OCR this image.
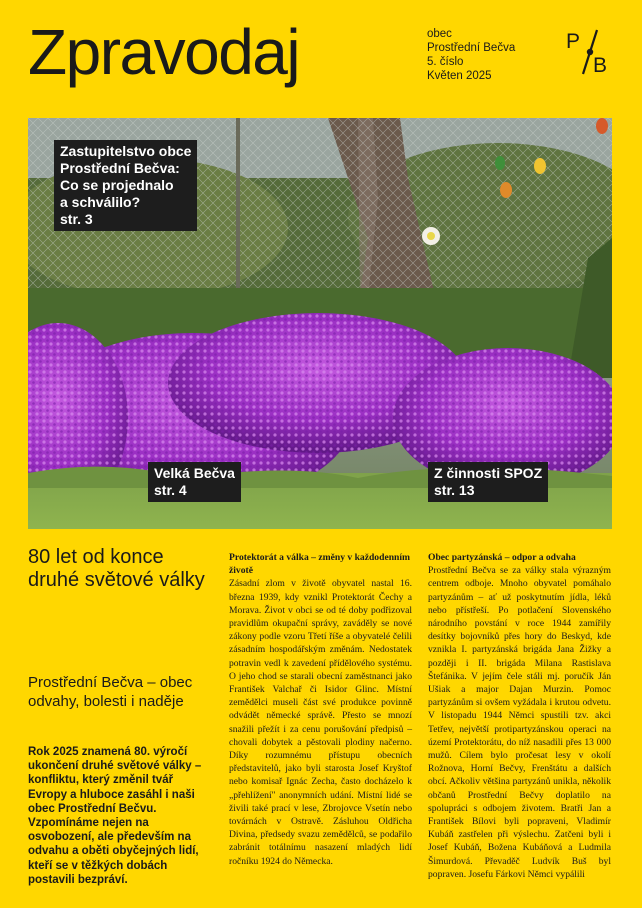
Zpravodaj	obec
Prostřední Bečva
5. číslo
Květen 2025
P
B
Zastupitelstvo obce
Prostřední Bečva:
Co se projednalo
a schválilo?
str. 3
Velká Bečva
str. 4
Z činnosti SPOZ
str. 13
80 let od konce druhé světové války
Prostřední Bečva – obec odvahy, bolesti i naděje

Rok 2025 znamená 80. výročí ukončení druhé světové války – konfliktu, který změnil tvář Evropy a hluboce zasáhl i naši obec Prostřední Bečvu. Vzpomínáme nejen na osvobození, ale především na odvahu a oběti obyčejných lidí, kteří se v těžkých dobách postavili bezpráví.

Protektorát a válka – změny v každodenním životě

Zásadní zlom v životě obyvatel nastal 16. března 1939, kdy vznikl Protektorát Čechy a Morava. Život v obci se od té doby podřizoval pravidlům okupační správy, zaváděly se nové zákony podle vzoru Třetí říše a obyvatelé čelili zásadním hospodářským změnám. Nedostatek potravin vedl k zavedení přídělového systému. O jeho chod se starali obecní zaměstnanci jako František Valchař či Isidor Glinc. Místní zemědělci museli část své produkce povinně odvádět německé správě. Přesto se mnozí snažili přežít i za cenu porušování předpisů – chovali dobytek a pěstovali plodiny načerno. Díky rozumnému přístupu obecních představitelů, jako byli starosta Josef Kryštof nebo komisař Ignác Zecha, často docházelo k „přehlížení" anonymních udání. Místní lidé se živili také prací v lese, Zbrojovce Vsetín nebo továrnách v Ostravě. Zásluhou Oldřicha Divina, předsedy svazu zemědělců, se podařilo zabránit totálnímu nasazení mladých lidí ročníku 1924 do Německa.

Obec partyzánská – odpor a odvaha

Prostřední Bečva se za války stala výrazným centrem odboje. Mnoho obyvatel pomáhalo partyzánům – ať už poskytnutím jídla, léků nebo přístřeší. Po potlačení Slovenského národního povstání v roce 1944 zamířily desítky bojovníků přes hory do Beskyd, kde vznikla I. partyzánská brigáda Jana Žižky a později i II. brigáda Milana Rastislava Štefánika. V jejím čele stáli mj. poručík Ján Ušiak a major Dajan Murzin. Pomoc partyzánům si ovšem vyžádala i krutou odvetu. V listopadu 1944 Němci spustili tzv. akci Tetřev, největší protipartyzánskou operaci na území Protektorátu, do níž nasadili přes 13 000 mužů. Cílem bylo pročesat lesy v okolí Rožnova, Horní Bečvy, Frenštátu a dalších obcí. Ačkoliv většina partyzánů unikla, několik občanů Prostřední Bečvy doplatilo na spolupráci s odbojem životem. Bratři Jan a František Bílovi byli popraveni, Vladimír Kubáň zastřelen při výslechu. Zatčeni byli i Josef Kubáň, Božena Kubáňová a Ludmila Šimurdová. Převaděč Ludvík Buš byl popraven. Josefu Fárkovi Němci vypálili
